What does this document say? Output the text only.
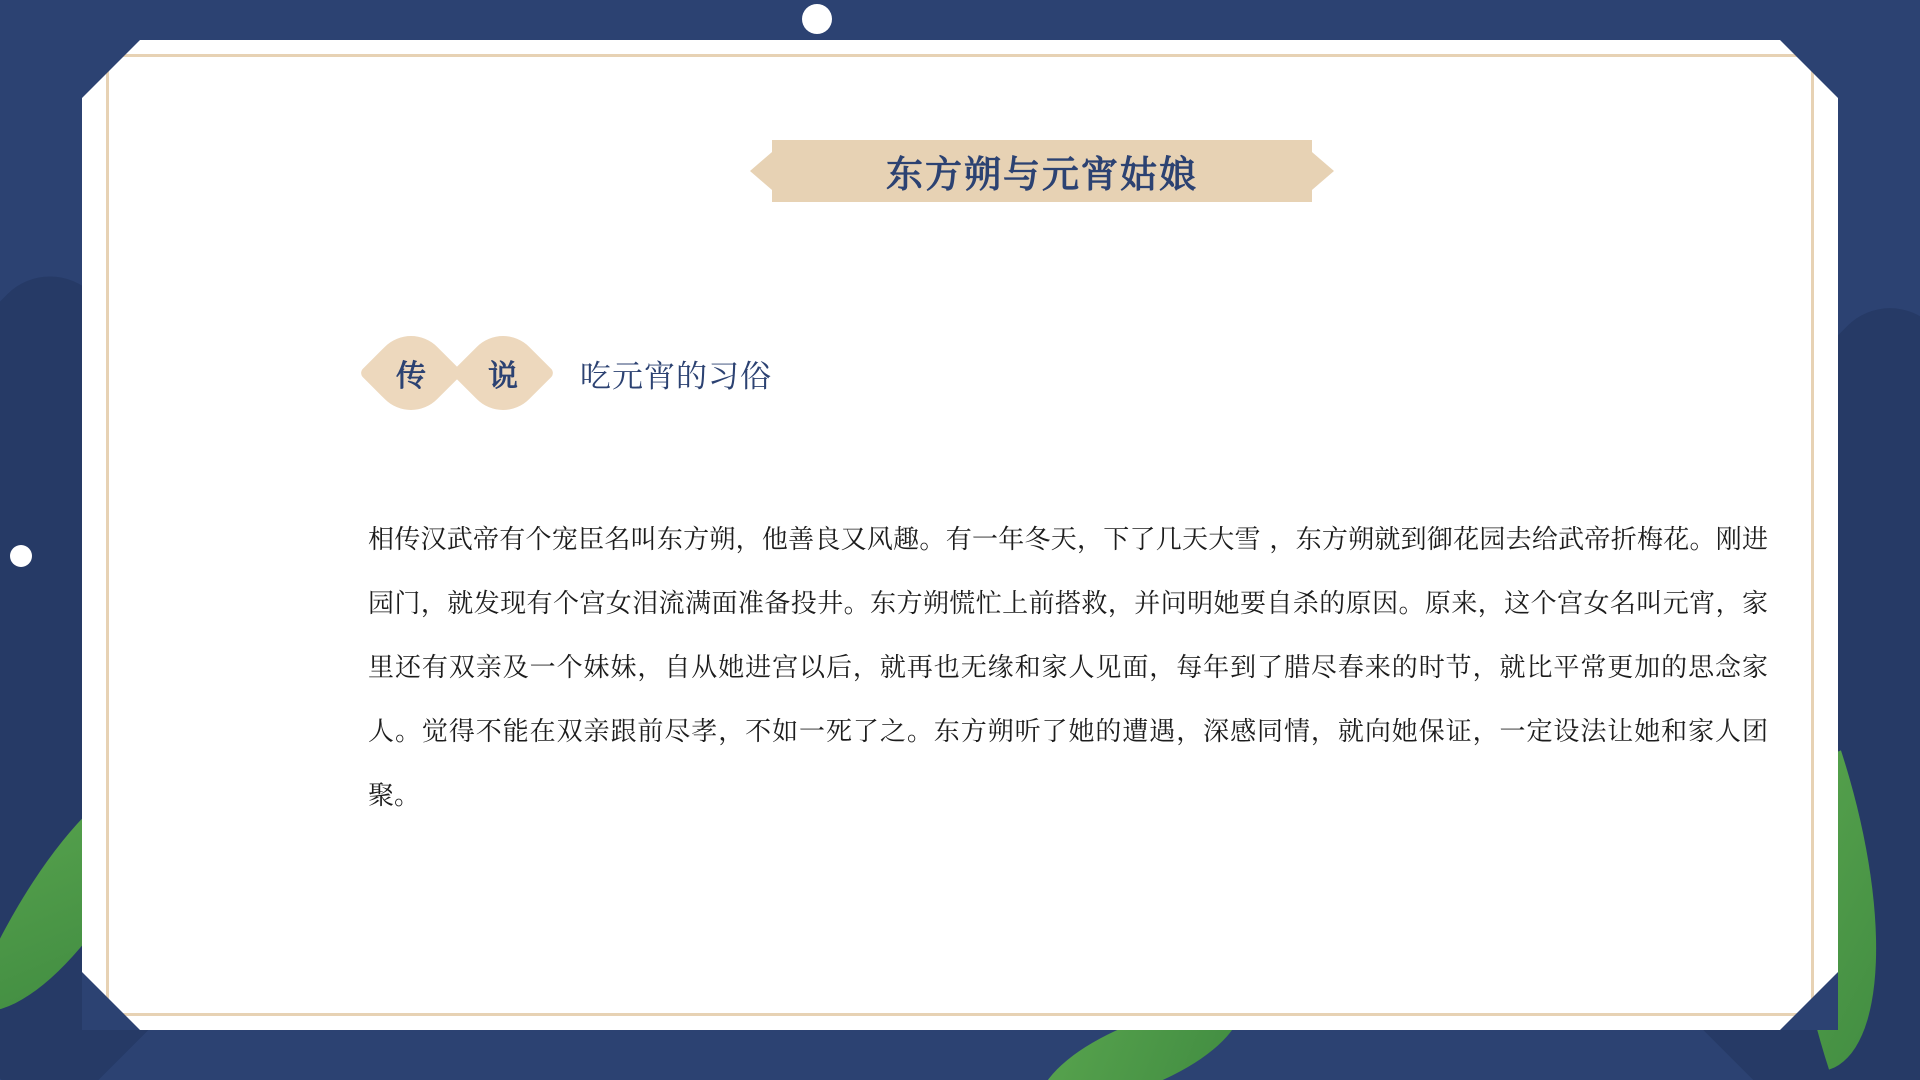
东方朔与元宵姑娘
传 说 吃元宵的习俗
相传汉武帝有个宠臣名叫东方朔，他善良又风趣。有一年冬天，下了几天大雪 ，东方朔就到御花园去给武帝折梅花。刚进园门，就发现有个宫女泪流满面准备投井。东方朔慌忙上前搭救，并问明她要自杀的原因。原来，这个宫女名叫元宵，家里还有双亲及一个妹妹，自从她进宫以后，就再也无缘和家人见面，每年到了腊尽春来的时节，就比平常更加的思念家人。觉得不能在双亲跟前尽孝，不如一死了之。东方朔听了她的遭遇，深感同情，就向她保证，一定设法让她和家人团聚。
